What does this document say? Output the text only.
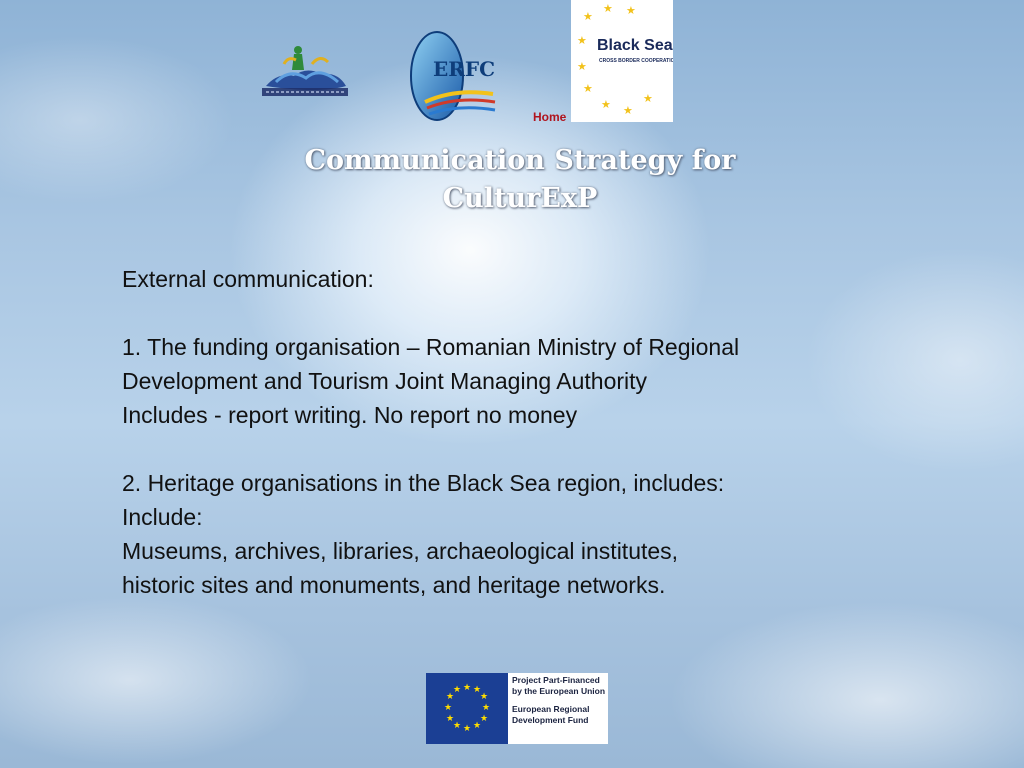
ERFC
★
★ ★
★
★
★
★ ★
★
Black Sea
CROSS BORDER COOPERATION
Home
Communication Strategy for
CulturExP

External communication:

1. The funding organisation – Romanian Ministry of Regional

Development and Tourism Joint Managing Authority

Includes - report writing. No report no money

2. Heritage organisations in the Black Sea region, includes:

Include:

Museums, archives, libraries, archaeological institutes,

historic sites and monuments, and heritage networks.

★ ★
★
★
★
★
★
★
★
★
★
★
Project Part-Financed
by the European Union
European Regional
Development Fund
